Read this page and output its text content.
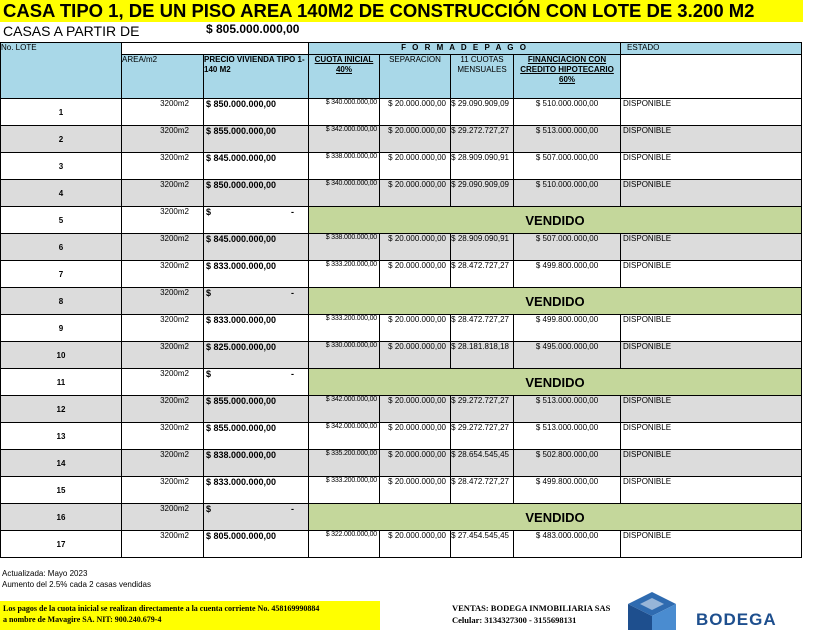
CASA TIPO 1, DE UN PISO AREA 140M2 DE CONSTRUCCIÓN CON LOTE DE 3.200 M2
CASAS A PARTIR DE	$ 805.000.000,00
No. LOTE			F O R M A D E P A G O				ESTADO
	AREA/m2	PRECIO VIVIENDA TIPO 1- 140 M2	CUOTA INICIAL 40%	SEPARACION	11 CUOTAS MENSUALES	FINANCIACION CON CREDITO HIPOTECARIO 60%	
1	3200m2	$ 850.000.000,00	$ 340.000.000,00	$ 20.000.000,00	$ 29.090.909,09	$ 510.000.000,00	DISPONIBLE
2	3200m2	$ 855.000.000,00	$ 342.000.000,00	$ 20.000.000,00	$ 29.272.727,27	$ 513.000.000,00	DISPONIBLE
3	3200m2	$ 845.000.000,00	$ 338.000.000,00	$ 20.000.000,00	$ 28.909.090,91	$ 507.000.000,00	DISPONIBLE
4	3200m2	$ 850.000.000,00	$ 340.000.000,00	$ 20.000.000,00	$ 29.090.909,09	$ 510.000.000,00	DISPONIBLE
5	3200m2	$ -	VENDIDO				
6	3200m2	$ 845.000.000,00	$ 338.000.000,00	$ 20.000.000,00	$ 28.909.090,91	$ 507.000.000,00	DISPONIBLE
7	3200m2	$ 833.000.000,00	$ 333.200.000,00	$ 20.000.000,00	$ 28.472.727,27	$ 499.800.000,00	DISPONIBLE
8	3200m2	$ -	VENDIDO				
9	3200m2	$ 833.000.000,00	$ 333.200.000,00	$ 20.000.000,00	$ 28.472.727,27	$ 499.800.000,00	DISPONIBLE
10	3200m2	$ 825.000.000,00	$ 330.000.000,00	$ 20.000.000,00	$ 28.181.818,18	$ 495.000.000,00	DISPONIBLE
11	3200m2	$ -	VENDIDO				
12	3200m2	$ 855.000.000,00	$ 342.000.000,00	$ 20.000.000,00	$ 29.272.727,27	$ 513.000.000,00	DISPONIBLE
13	3200m2	$ 855.000.000,00	$ 342.000.000,00	$ 20.000.000,00	$ 29.272.727,27	$ 513.000.000,00	DISPONIBLE
14	3200m2	$ 838.000.000,00	$ 335.200.000,00	$ 20.000.000,00	$ 28.654.545,45	$ 502.800.000,00	DISPONIBLE
15	3200m2	$ 833.000.000,00	$ 333.200.000,00	$ 20.000.000,00	$ 28.472.727,27	$ 499.800.000,00	DISPONIBLE
16	3200m2	$ -	VENDIDO				
17	3200m2	$ 805.000.000,00	$ 322.000.000,00	$ 20.000.000,00	$ 27.454.545,45	$ 483.000.000,00	DISPONIBLE
Actualizada: Mayo 2023
Aumento del 2.5% cada 2 casas vendidas
Los pagos de la cuota inicial se realizan directamente a la cuenta corriente No. 458169990884
a nombre de Mavagire SA. NIT: 900.240.679-4
VENTAS: BODEGA INMOBILIARIA SAS
Celular: 3134327300 - 3155698131	BODEGA
